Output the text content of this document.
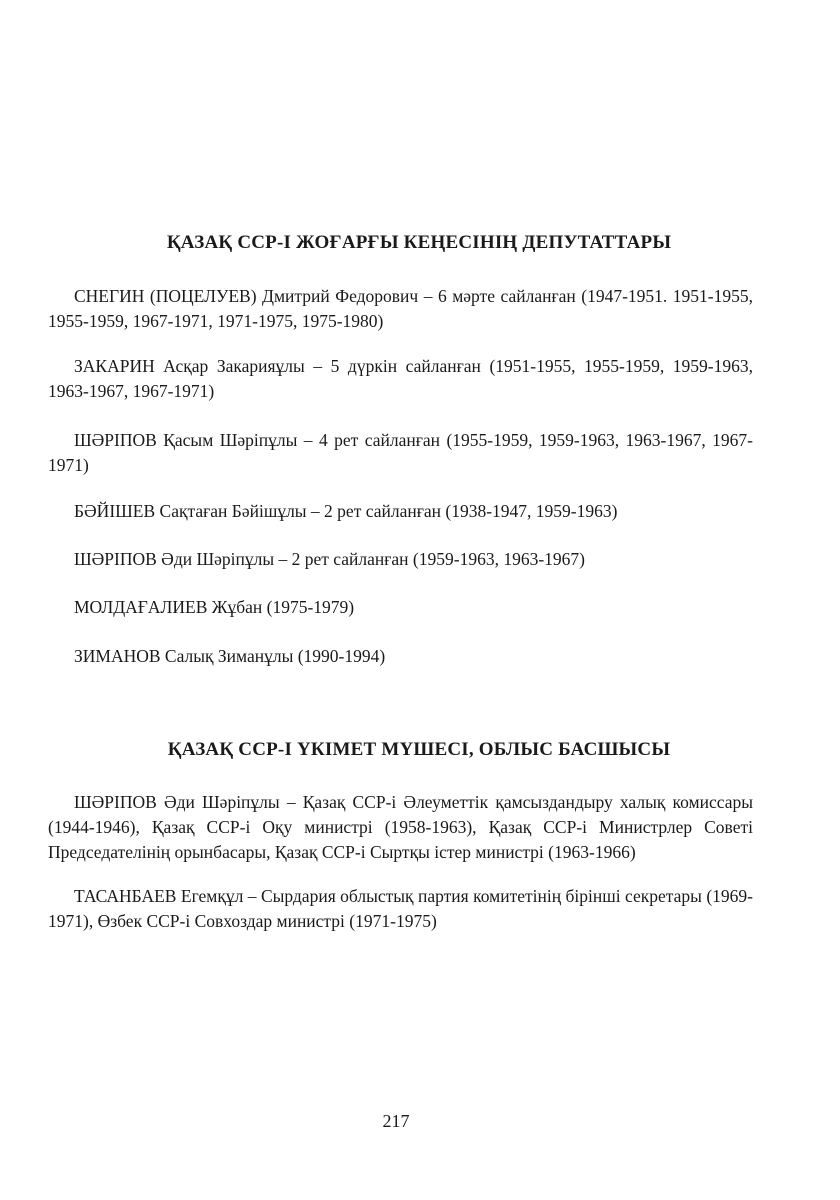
ҚАЗАҚ ССР-І ЖОҒАРҒЫ КЕҢЕСІНІҢ ДЕПУТАТТАРЫ

СНЕГИН (ПОЦЕЛУЕВ) Дмитрий Федорович – 6 мәрте сайланған (1947-1951. 1951-1955, 1955-1959, 1967-1971, 1971-1975, 1975-1980)

ЗАКАРИН Асқар Закарияұлы – 5 дүркін сайланған (1951-1955, 1955-1959, 1959-1963, 1963-1967, 1967-1971)

ШӘРІПОВ Қасым Шәріпұлы – 4 рет сайланған (1955-1959, 1959-1963, 1963-1967, 1967-1971)

БӘЙІШЕВ Сақтаған Бәйішұлы – 2 рет сайланған (1938-1947, 1959-1963)

ШӘРІПОВ Әди Шәріпұлы – 2 рет сайланған (1959-1963, 1963-1967)

МОЛДАҒАЛИЕВ Жұбан (1975-1979)

ЗИМАНОВ Салық Зиманұлы (1990-1994)

ҚАЗАҚ ССР-І ҮКІМЕТ МҮШЕСІ, ОБЛЫС БАСШЫСЫ

ШӘРІПОВ Әди Шәріпұлы – Қазақ ССР-і Әлеуметтік қамсыздандыру халық комиссары (1944-1946), Қазақ ССР-і Оқу министрі (1958-1963), Қазақ ССР-і Министрлер Советі Председателінің орынбасары, Қазақ ССР-і Сыртқы істер министрі (1963-1966)

ТАСАНБАЕВ Егемқұл – Сырдария облыстық партия комитетінің бірінші секретары (1969-1971), Өзбек ССР-і Совхоздар министрі (1971-1975)

217
